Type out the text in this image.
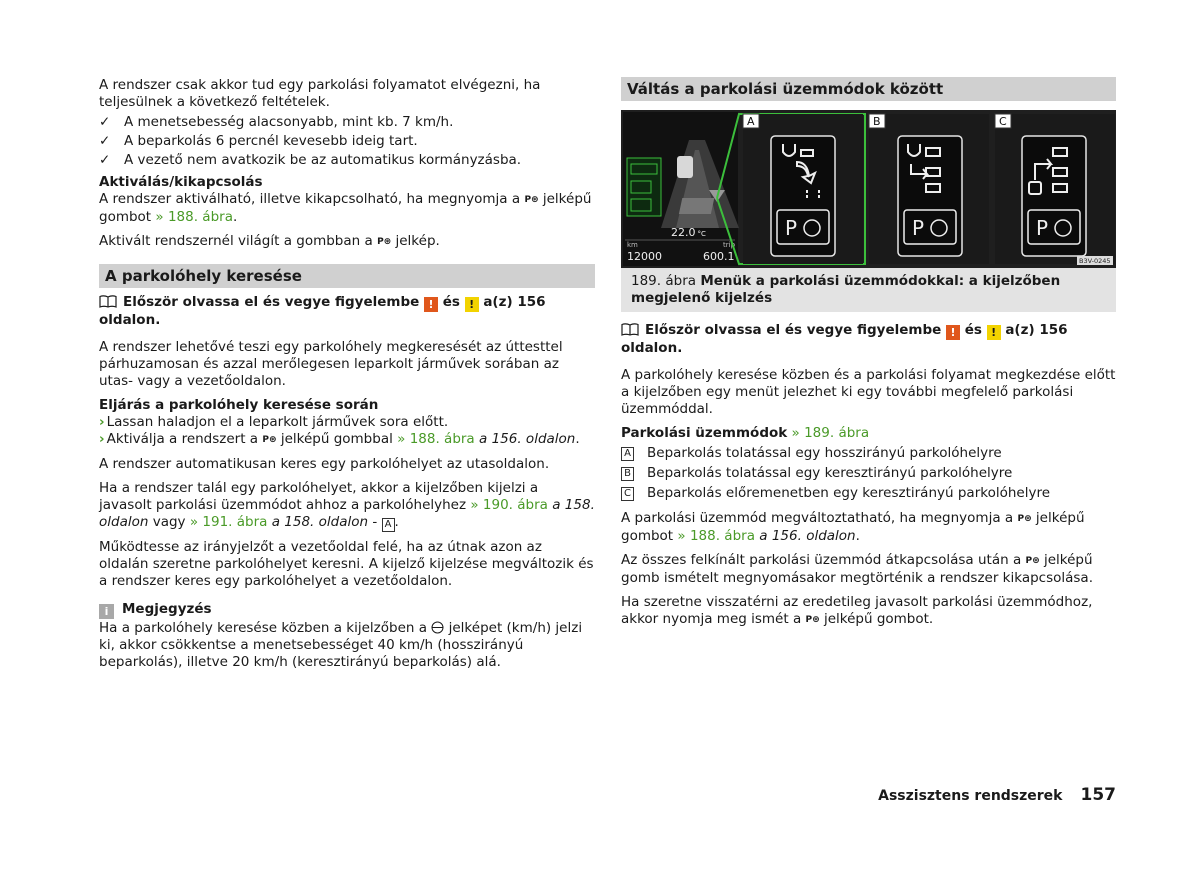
A rendszer csak akkor tud egy parkolási folyamatot elvégezni, ha teljesülnek a következő feltételek.

✓	A menetsebesség alacsonyabb, mint kb. 7 km/h.
✓	A beparkolás 6 percnél kevesebb ideig tart.
✓	A vezető nem avatkozik be az automatikus kormányzásba.

Aktiválás/kikapcsolás

A rendszer aktiválható, illetve kikapcsolható, ha megnyomja a P⊛ jelképű gombot » 188. ábra.

Aktivált rendszernél világít a gombban a P⊛ jelkép.

A parkolóhely keresése

Először olvassa el és vegye figyelembe ! és ! a(z) 156 oldalon.

A rendszer lehetővé teszi egy parkolóhely megkeresését az úttesttel párhuzamosan és azzal merőlegesen leparkolt járművek sorában az utas- vagy a vezetőoldalon.

Eljárás a parkolóhely keresése során

› Lassan haladjon el a leparkolt járművek sora előtt.

› Aktiválja a rendszert a P⊛ jelképű gombbal » 188. ábra a 156. oldalon.

A rendszer automatikusan keres egy parkolóhelyet az utasoldalon.

Ha a rendszer talál egy parkolóhelyet, akkor a kijelzőben kijelzi a javasolt parkolási üzemmódot ahhoz a parkolóhelyhez » 190. ábra a 158. oldalon vagy » 191. ábra a 158. oldalon - A .

Működtesse az irányjelzőt a vezetőoldal felé, ha az útnak azon az oldalán szeretne parkolóhelyet keresni. A kijelző kijelzése megváltozik és a rendszer keres egy parkolóhelyet a vezetőoldalon.

i Megjegyzés

Ha a parkolóhely keresése közben a kijelzőben a jelképet (km/h) jelzi ki, akkor csökkentse a menetsebességet 40 km/h (hosszirányú beparkolás), illetve 20 km/h (keresztirányú beparkolás) alá.

Váltás a parkolási üzemmódok között
22.0 °C
km	trip
12000	600.1
A
P
B
P
C
P
B3V-0245
189. ábra Menük a parkolási üzemmódokkal: a kijelzőben megjelenő kijelzés

Először olvassa el és vegye figyelembe ! és ! a(z) 156 oldalon.

A parkolóhely keresése közben és a parkolási folyamat megkezdése előtt a kijelzőben egy menüt jelezhet ki egy további megfelelő parkolási üzemmóddal.

Parkolási üzemmódok » 189. ábra

A Beparkolás tolatással egy hosszirányú parkolóhelyre
B Beparkolás tolatással egy keresztirányú parkolóhelyre
C Beparkolás előremenetben egy keresztirányú parkolóhelyre

A parkolási üzemmód megváltoztatható, ha megnyomja a P⊛ jelképű gombot » 188. ábra a 156. oldalon.

Az összes felkínált parkolási üzemmód átkapcsolása után a P⊛ jelképű gomb ismételt megnyomásakor megtörténik a rendszer kikapcsolása.

Ha szeretne visszatérni az eredetileg javasolt parkolási üzemmódhoz, akkor nyomja meg ismét a P⊛ jelképű gombot.

Asszisztens rendszerek 157
